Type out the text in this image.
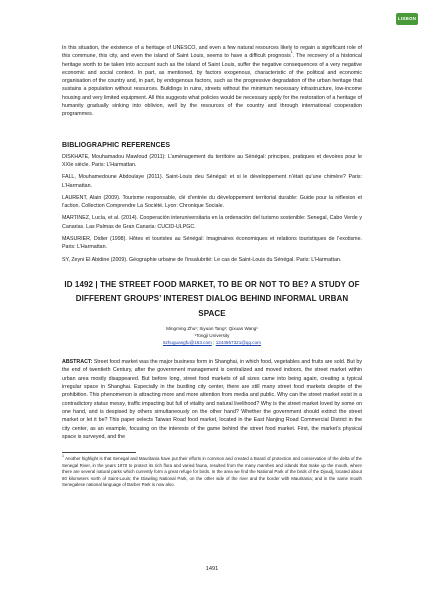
LISBON

In this situation, the existence of a heritage of UNESCO, and even a few natural resources likely to regain a significant role of this commune, this city, and even the island of Saint Louis, seems to have a difficult prognosis$^1$. The recovery of a historical heritage worth to be taken into account such as the island of Saint Louis, suffer the negative consequences of a very negative economic and social context. In part, as mentioned, by factors exogenous, characteristic of the political and economic organisation of the country and, in part, by endogenous factors, such as the progressive degradation of the urban heritage that sustains a population without resources. Buildings in ruins, streets without the minimum necessary infrastructure, low-income housing and very limited equipment. All this suggests what policies would be necessary apply for the restoration of a heritage of humanity gradually sinking into oblivion, well by the resources of the country and through international cooperation programmes.

BIBLIOGRAPHIC REFERENCES

DISKHATE, Mouhamadou Mawloud (2011): L’aménagement du territoire au Sénégal: principes, pratiques et devoires pour le XXIe siècle. Paris: L’Harmattan.

FALL, Mouhamedoune Abdoulaye (2011). Saint-Louis deu Sénégal: et si le développement n’était qu’une chimère? Paris: L’Harmattan.

LAURENT, Alain (2009). Tourisme responsable, clé d’entrée du développement territorial durable: Guide pour la réflexion et l’action. Collection Comprendre La Société. Lyon: Chronique Sociale.

MARTINEZ, Lucía, et al. (2014). Cooperación interuniversitaria en la ordenación del turismo sostenible: Senegal, Cabo Verde y Canarias. Las Palmas de Gran Canaria: CUCID-ULPGC.

MASURIER, Didier (1998). Hôtes et touristes au Sénégal: Imaginaires économiques et relations touristiques de l’exotisme. Paris: L’Harmattan.

SY, Zeyni El Abidine (2009). Géographie urbaine de l’insalubrité: Le cas de Saint-Louis du Sénégal. Paris: L’Harmattan.

ID 1492 | THE STREET FOOD MARKET, TO BE OR NOT TO BE? A STUDY OF DIFFERENT GROUPS’ INTEREST DIALOG BEHIND INFORMAL URBAN SPACE

Mingming Zhu¹; Siyuan Tang¹; Qixuan Wang¹

¹Tongji University

5zhuguangfu@163.com ; 1244557321@qq.com

ABSTRACT: Street food market was the major business form in Shanghai, in which food, vegetables and fruits are sold. But by the end of twentieth Century, after the government management is centralized and moved indoors, the street market within urban area mostly disappeared. But before long, street food markets of all sizes came into being again, creating a typical irregular space in Shanghai. Especially in the bustling city center, there are still many street food markets despite of the prohibition. This phenomenon is attracting more and more attention from media and public. Why can the street market exist in a contradictory status messy, traffic impacting but full of vitality and natural livelihood? Why is the street market loved by some on one hand, and is despised by others simultaneously on the other hand? Whether the government should extinct the street market or let it be? This paper selects Taiwan Road food market, located in the East Nanjing Road Commercial District in the city center, as an example, focusing on the interests of the game behind the street food market. First, the market’s physical space is surveyed, and the

$^1$ Another highlight is that Senegal and Mauritania have put their efforts in common and created a Board of protection and conservation of the delta of the Senegal River, in the years 1970 to protect its rich flora and varied fauna, resulted from the many marshes and islands that make up the mouth, where there are several natural parks which currently form a great refuge for birds. In the area we find the National Park of the birds of the Djoudj, located about 60 kilometers north of Saint-Louis; the Diawling National Park, on the other side of the river and the border with Mauritania; and in the same mouth Senegalese national language of Barber Park is now also.

1491
